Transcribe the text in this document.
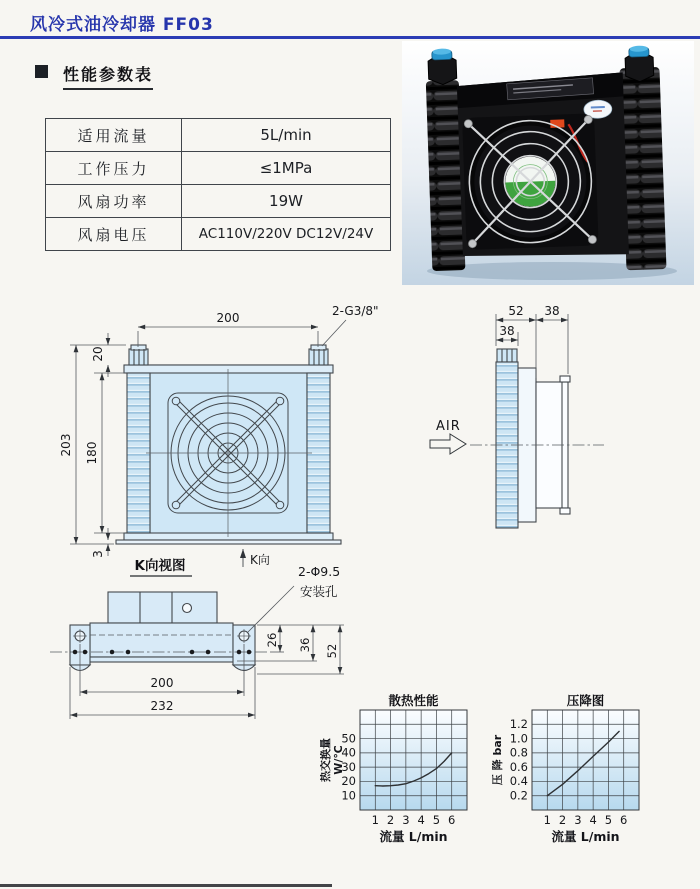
风冷式油冷却器 FF03
性能参数表
适用流量	5L/min
工作压力	≤1MPa
风扇功率	19W
风扇电压	AC110V/220V DC12V/24V
200	2-G3/8"
20
203 180
3	K向
52 38
38
AIR
K向视图	2-Φ9.5
安装孔
26 36 52
200
232
1 2 3 4 5 6
10
20
30
40
50
散热性能
流量 L/min
热交换量 W/℃
1 2 3 4 5 6
0.2
0.4
0.6
0.8
1.0
1.2
压降图
流量 L/min
压 降 bar
